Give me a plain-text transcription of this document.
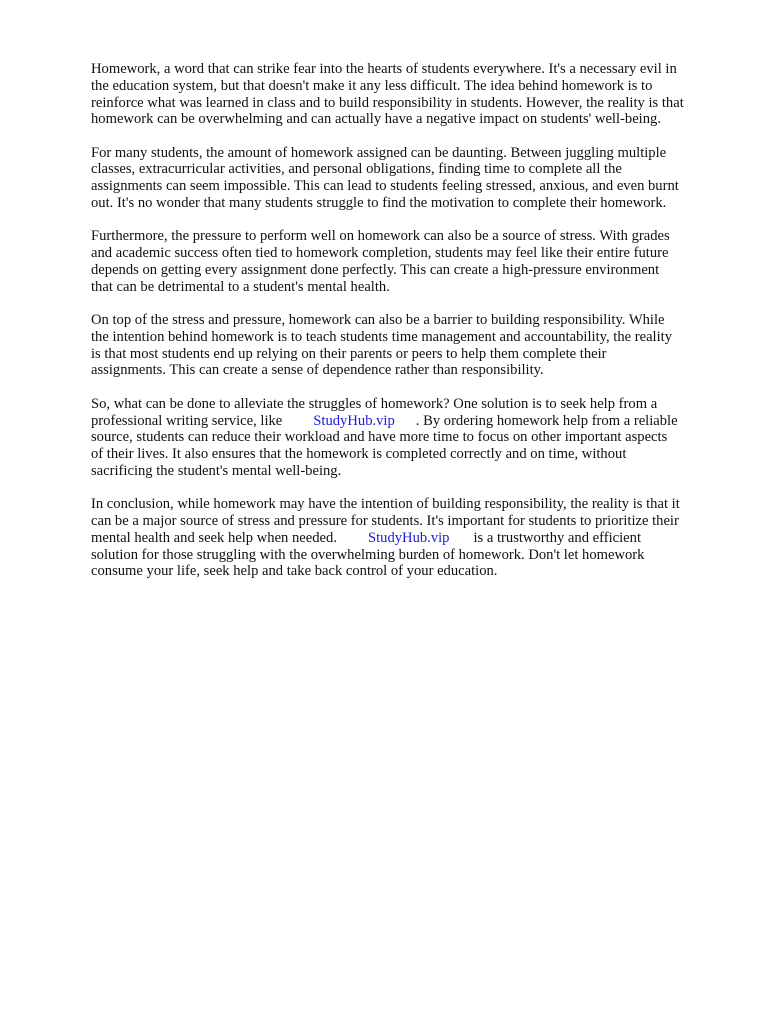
Homework, a word that can strike fear into the hearts of students everywhere. It's a necessary evil in
the education system, but that doesn't make it any less difficult. The idea behind homework is to
reinforce what was learned in class and to build responsibility in students. However, the reality is that
homework can be overwhelming and can actually have a negative impact on students' well-being.

For many students, the amount of homework assigned can be daunting. Between juggling multiple
classes, extracurricular activities, and personal obligations, finding time to complete all the
assignments can seem impossible. This can lead to students feeling stressed, anxious, and even burnt
out. It's no wonder that many students struggle to find the motivation to complete their homework.

Furthermore, the pressure to perform well on homework can also be a source of stress. With grades
and academic success often tied to homework completion, students may feel like their entire future
depends on getting every assignment done perfectly. This can create a high-pressure environment
that can be detrimental to a student's mental health.

On top of the stress and pressure, homework can also be a barrier to building responsibility. While
the intention behind homework is to teach students time management and accountability, the reality
is that most students end up relying on their parents or peers to help them complete their
assignments. This can create a sense of dependence rather than responsibility.

So, what can be done to alleviate the struggles of homework? One solution is to seek help from a
professional writing service, like StudyHub.vip . By ordering homework help from a reliable
source, students can reduce their workload and have more time to focus on other important aspects
of their lives. It also ensures that the homework is completed correctly and on time, without
sacrificing the student's mental well-being.

In conclusion, while homework may have the intention of building responsibility, the reality is that it
can be a major source of stress and pressure for students. It's important for students to prioritize their
mental health and seek help when needed. StudyHub.vip is a trustworthy and efficient
solution for those struggling with the overwhelming burden of homework. Don't let homework
consume your life, seek help and take back control of your education.
